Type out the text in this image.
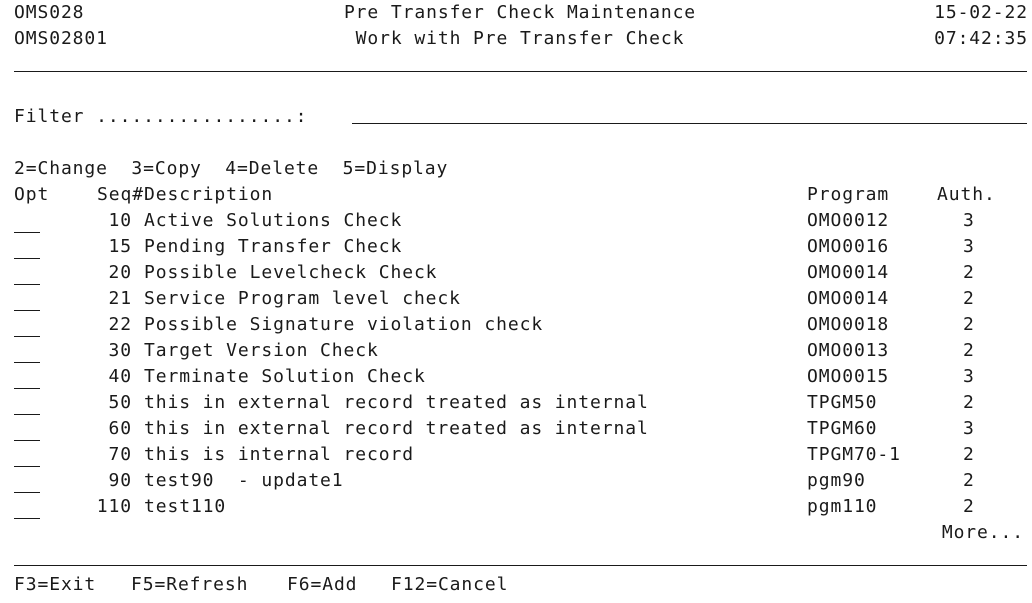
OMS028	Pre Transfer Check Maintenance	15-02-22
OMS02801	Work with Pre Transfer Check	07:42:35
Filter .................:
2=Change  3=Copy  4=Delete  5=Display
Opt	Seq# Description	Program	Auth.
10 Active Solutions Check	OMO0012	3
15 Pending Transfer Check	OMO0016	3
20 Possible Levelcheck Check	OMO0014	2
21 Service Program level check	OMO0014	2
22 Possible Signature violation check	OMO0018	2
30 Target Version Check	OMO0013	2
40 Terminate Solution Check	OMO0015	3
50 this in external record treated as internal	TPGM50	2
60 this in external record treated as internal	TPGM60	3
70 this is internal record	TPGM70-1	2
90 test90  - update1	pgm90	2
110 test110	pgm110	2
More...
F3=Exit F5=Refresh F6=Add F12=Cancel
